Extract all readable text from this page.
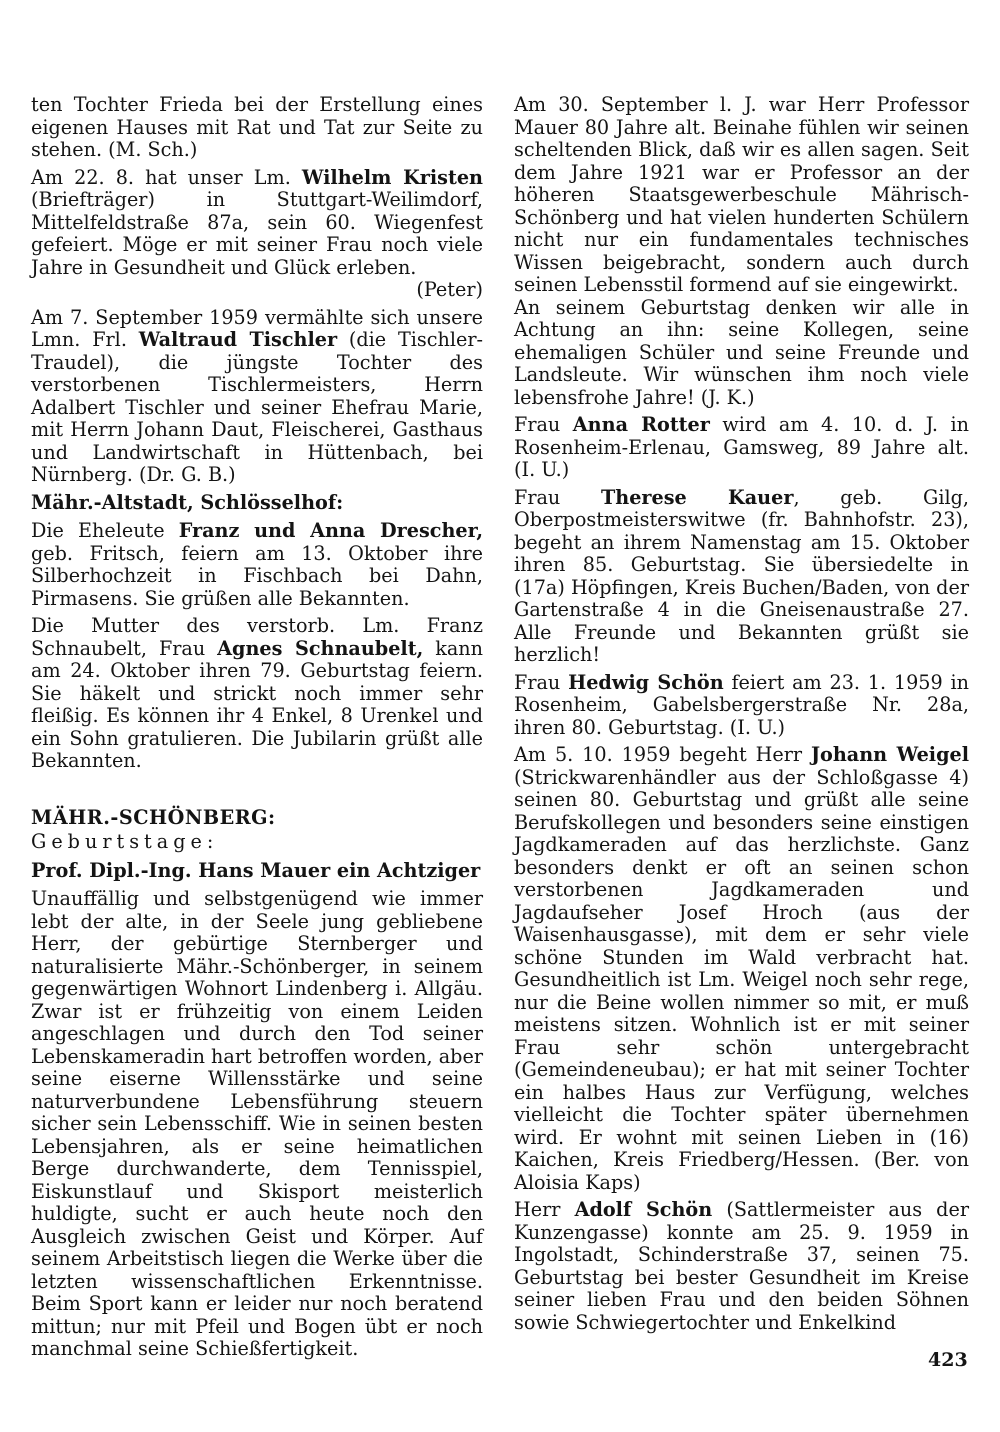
ten Tochter Frieda bei der Erstellung eines eigenen Hauses mit Rat und Tat zur Seite zu stehen. (M. Sch.)

Am 22. 8. hat unser Lm. Wilhelm Kristen (Briefträger) in Stuttgart-Weilimdorf, Mittelfeldstraße 87a, sein 60. Wiegenfest gefeiert. Möge er mit seiner Frau noch viele Jahre in Gesundheit und Glück erleben.

(Peter)

Am 7. September 1959 vermählte sich unsere Lmn. Frl. Waltraud Tischler (die Tischler-Traudel), die jüngste Tochter des verstorbenen Tischlermeisters, Herrn Adalbert Tischler und seiner Ehefrau Marie, mit Herrn Johann Daut, Fleischerei, Gasthaus und Landwirtschaft in Hüttenbach, bei Nürnberg. (Dr. G. B.)

Mähr.-Altstadt, Schlösselhof:

Die Eheleute Franz und Anna Drescher, geb. Fritsch, feiern am 13. Oktober ihre Silberhochzeit in Fischbach bei Dahn, Pirmasens. Sie grüßen alle Bekannten.

Die Mutter des verstorb. Lm. Franz Schnaubelt, Frau Agnes Schnaubelt, kann am 24. Oktober ihren 79. Geburtstag feiern. Sie häkelt und strickt noch immer sehr fleißig. Es können ihr 4 Enkel, 8 Urenkel und ein Sohn gratulieren. Die Jubilarin grüßt alle Bekannten.

MÄHR.-SCHÖNBERG:

Geburtstage:

Prof. Dipl.-Ing. Hans Mauer ein Achtziger

Unauffällig und selbstgenügend wie immer lebt der alte, in der Seele jung gebliebene Herr, der gebürtige Sternberger und naturalisierte Mähr.-Schönberger, in seinem gegenwärtigen Wohnort Lindenberg i. Allgäu. Zwar ist er frühzeitig von einem Leiden angeschlagen und durch den Tod seiner Lebenskameradin hart betroffen worden, aber seine eiserne Willensstärke und seine naturverbundene Lebensführung steuern sicher sein Lebensschiff. Wie in seinen besten Lebensjahren, als er seine heimatlichen Berge durchwanderte, dem Tennisspiel, Eiskunstlauf und Skisport meisterlich huldigte, sucht er auch heute noch den Ausgleich zwischen Geist und Körper. Auf seinem Arbeitstisch liegen die Werke über die letzten wissenschaftlichen Erkenntnisse. Beim Sport kann er leider nur noch beratend mittun; nur mit Pfeil und Bogen übt er noch manchmal seine Schießfertigkeit.

Am 30. September l. J. war Herr Professor Mauer 80 Jahre alt. Beinahe fühlen wir seinen scheltenden Blick, daß wir es allen sagen. Seit dem Jahre 1921 war er Professor an der höheren Staatsgewerbeschule Mährisch-Schönberg und hat vielen hunderten Schülern nicht nur ein fundamentales technisches Wissen beigebracht, sondern auch durch seinen Lebensstil formend auf sie eingewirkt.

An seinem Geburtstag denken wir alle in Achtung an ihn: seine Kollegen, seine ehemaligen Schüler und seine Freunde und Landsleute. Wir wünschen ihm noch viele lebensfrohe Jahre! (J. K.)

Frau Anna Rotter wird am 4. 10. d. J. in Rosenheim-Erlenau, Gamsweg, 89 Jahre alt. (I. U.)

Frau Therese Kauer, geb. Gilg, Oberpostmeisterswitwe (fr. Bahnhofstr. 23), begeht an ihrem Namenstag am 15. Oktober ihren 85. Geburtstag. Sie übersiedelte in (17a) Höpfingen, Kreis Buchen/Baden, von der Gartenstraße 4 in die Gneisenaustraße 27. Alle Freunde und Bekannten grüßt sie herzlich!

Frau Hedwig Schön feiert am 23. 1. 1959 in Rosenheim, Gabelsbergerstraße Nr. 28a, ihren 80. Geburtstag. (I. U.)

Am 5. 10. 1959 begeht Herr Johann Weigel (Strickwarenhändler aus der Schloßgasse 4) seinen 80. Geburtstag und grüßt alle seine Berufskollegen und besonders seine einstigen Jagdkameraden auf das herzlichste. Ganz besonders denkt er oft an seinen schon verstorbenen Jagdkameraden und Jagdaufseher Josef Hroch (aus der Waisenhausgasse), mit dem er sehr viele schöne Stunden im Wald verbracht hat. Gesundheitlich ist Lm. Weigel noch sehr rege, nur die Beine wollen nimmer so mit, er muß meistens sitzen. Wohnlich ist er mit seiner Frau sehr schön untergebracht (Gemeindeneubau); er hat mit seiner Tochter ein halbes Haus zur Verfügung, welches vielleicht die Tochter später übernehmen wird. Er wohnt mit seinen Lieben in (16) Kaichen, Kreis Friedberg/Hessen. (Ber. von Aloisia Kaps)

Herr Adolf Schön (Sattlermeister aus der Kunzengasse) konnte am 25. 9. 1959 in Ingolstadt, Schinderstraße 37, seinen 75. Geburtstag bei bester Gesundheit im Kreise seiner lieben Frau und den beiden Söhnen sowie Schwiegertochter und Enkelkind

423
